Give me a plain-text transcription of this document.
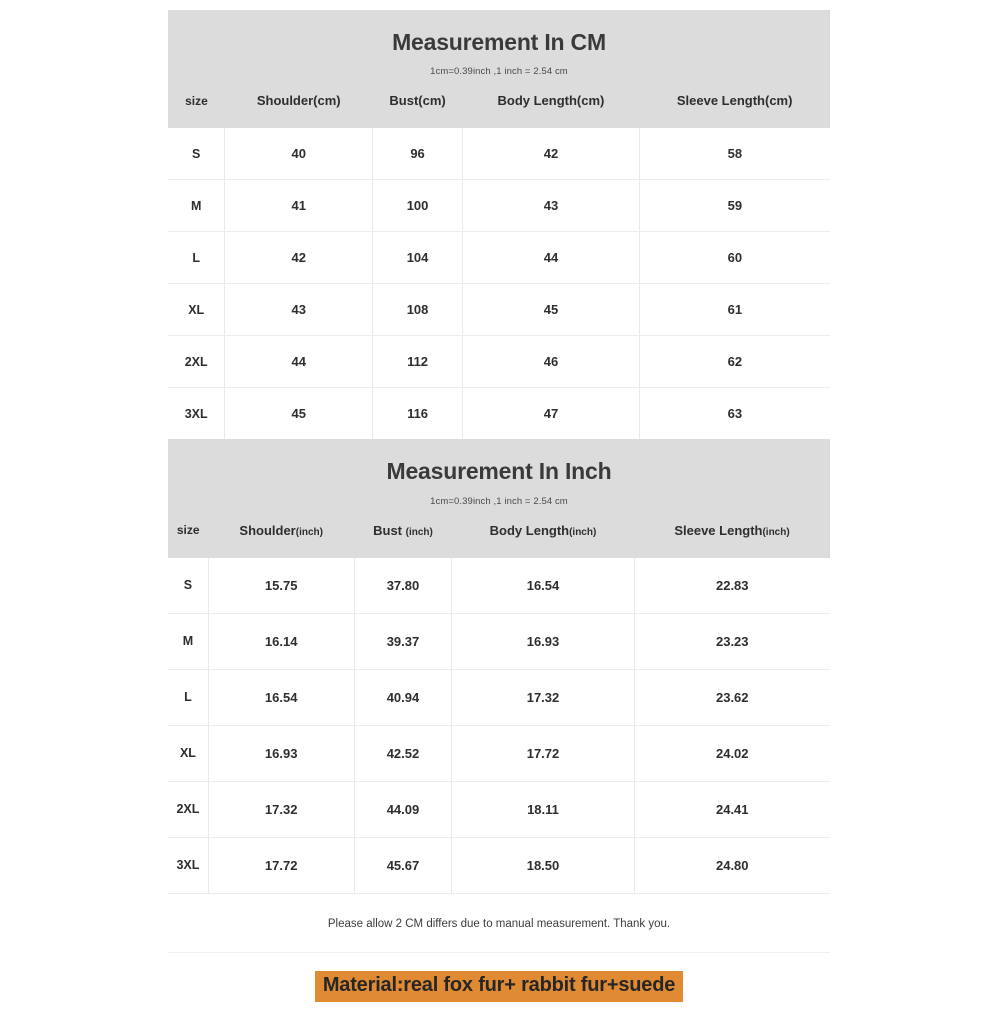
Measurement In CM
1cm=0.39inch ,1 inch = 2.54 cm
size	Shoulder(cm)	Bust(cm)	Body Length(cm)	Sleeve Length(cm)
S	40	96	42	58
M	41	100	43	59
L	42	104	44	60
XL	43	108	45	61
2XL	44	112	46	62
3XL	45	116	47	63
Measurement In Inch
1cm=0.39inch ,1 inch = 2.54 cm
size	Shoulder(inch)	Bust (inch)	Body Length(inch)	Sleeve Length(inch)
S	15.75	37.80	16.54	22.83
M	16.14	39.37	16.93	23.23
L	16.54	40.94	17.32	23.62
XL	16.93	42.52	17.72	24.02
2XL	17.32	44.09	18.11	24.41
3XL	17.72	45.67	18.50	24.80
Please allow 2 CM differs due to manual measurement. Thank you.
Material:real fox fur+ rabbit fur+suede
